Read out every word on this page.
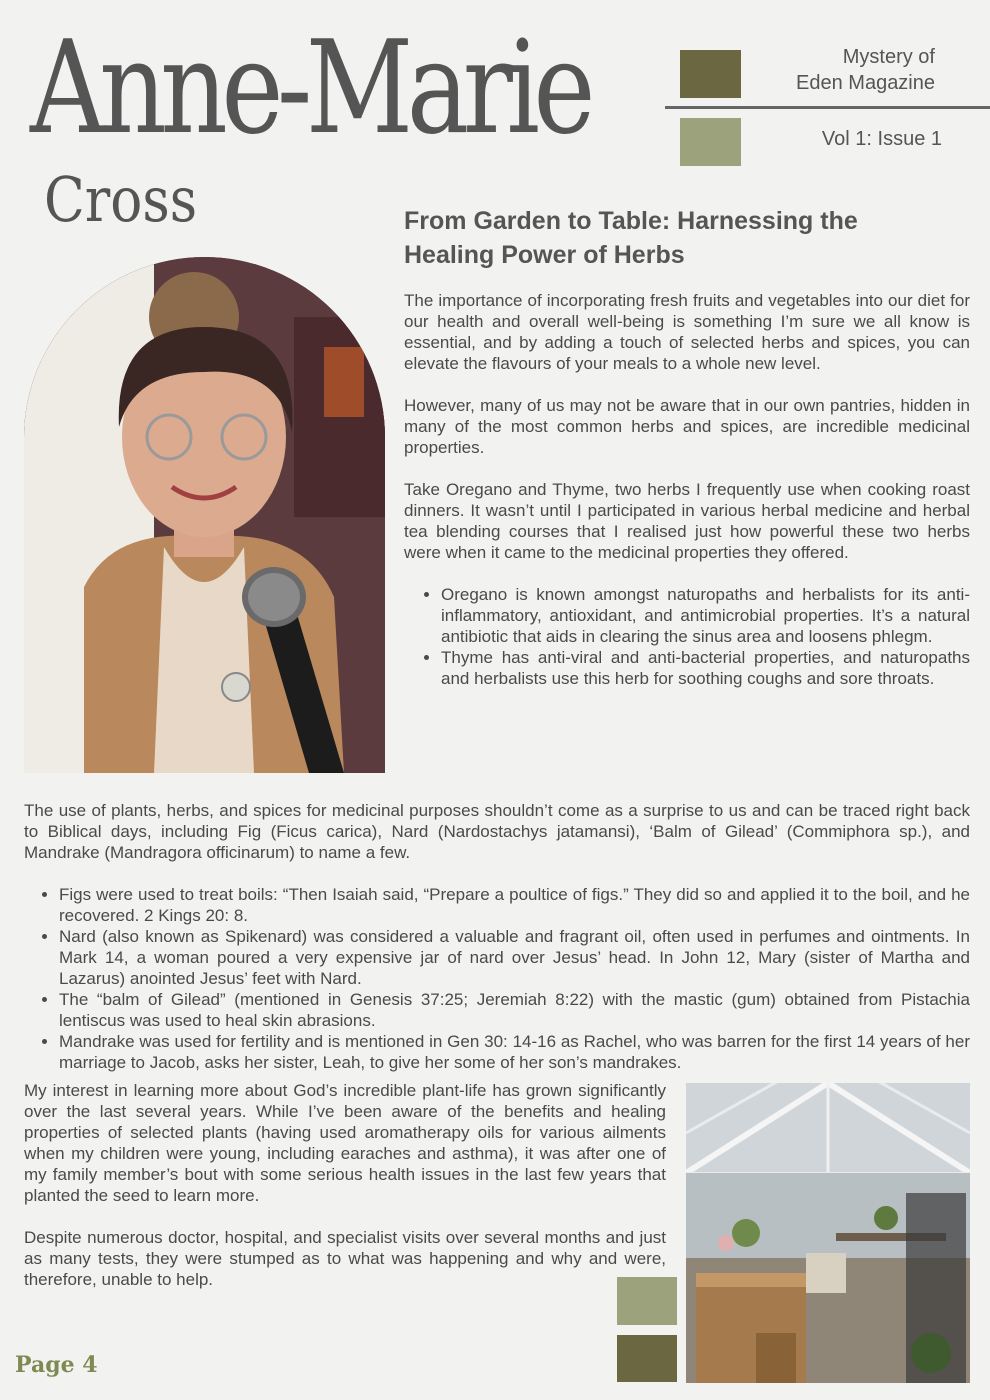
Anne-Marie
Cross
Mystery of
Eden Magazine
Vol 1: Issue 1
From Garden to Table: Harnessing the
Healing Power of Herbs

The importance of incorporating fresh fruits and vegetables into our diet for our health and overall well-being is something I’m sure we all know is essential, and by adding a touch of selected herbs and spices, you can elevate the flavours of your meals to a whole new level.

However, many of us may not be aware that in our own pantries, hidden in many of the most common herbs and spices, are incredible medicinal properties.

Take Oregano and Thyme, two herbs I frequently use when cooking roast dinners. It wasn’t until I participated in various herbal medicine and herbal tea blending courses that I realised just how powerful these two herbs were when it came to the medicinal properties they offered.

• Oregano is known amongst naturopaths and herbalists for its anti-inflammatory, antioxidant, and antimicrobial properties. It’s a natural antibiotic that aids in clearing the sinus area and loosens phlegm.
• Thyme has anti-viral and anti-bacterial properties, and naturopaths and herbalists use this herb for soothing coughs and sore throats.

The use of plants, herbs, and spices for medicinal purposes shouldn’t come as a surprise to us and can be traced right back to Biblical days, including Fig (Ficus carica), Nard (Nardostachys jatamansi), ‘Balm of Gilead’ (Commiphora sp.), and Mandrake (Mandragora officinarum) to name a few.

• Figs were used to treat boils: “Then Isaiah said, “Prepare a poultice of figs.” They did so and applied it to the boil, and he recovered. 2 Kings 20: 8.
• Nard (also known as Spikenard) was considered a valuable and fragrant oil, often used in perfumes and ointments. In Mark 14, a woman poured a very expensive jar of nard over Jesus’ head. In John 12, Mary (sister of Martha and Lazarus) anointed Jesus’ feet with Nard.
• The “balm of Gilead” (mentioned in Genesis 37:25; Jeremiah 8:22) with the mastic (gum) obtained from Pistachia lentiscus was used to heal skin abrasions.
• Mandrake was used for fertility and is mentioned in Gen 30: 14-16 as Rachel, who was barren for the first 14 years of her marriage to Jacob, asks her sister, Leah, to give her some of her son’s mandrakes.

My interest in learning more about God’s incredible plant-life has grown significantly over the last several years. While I’ve been aware of the benefits and healing properties of selected plants (having used aromatherapy oils for various ailments when my children were young, including earaches and asthma), it was after one of my family member’s bout with some serious health issues in the last few years that planted the seed to learn more.

Despite numerous doctor, hospital, and specialist visits over several months and just as many tests, they were stumped as to what was happening and why and were, therefore, unable to help.

Page 4
